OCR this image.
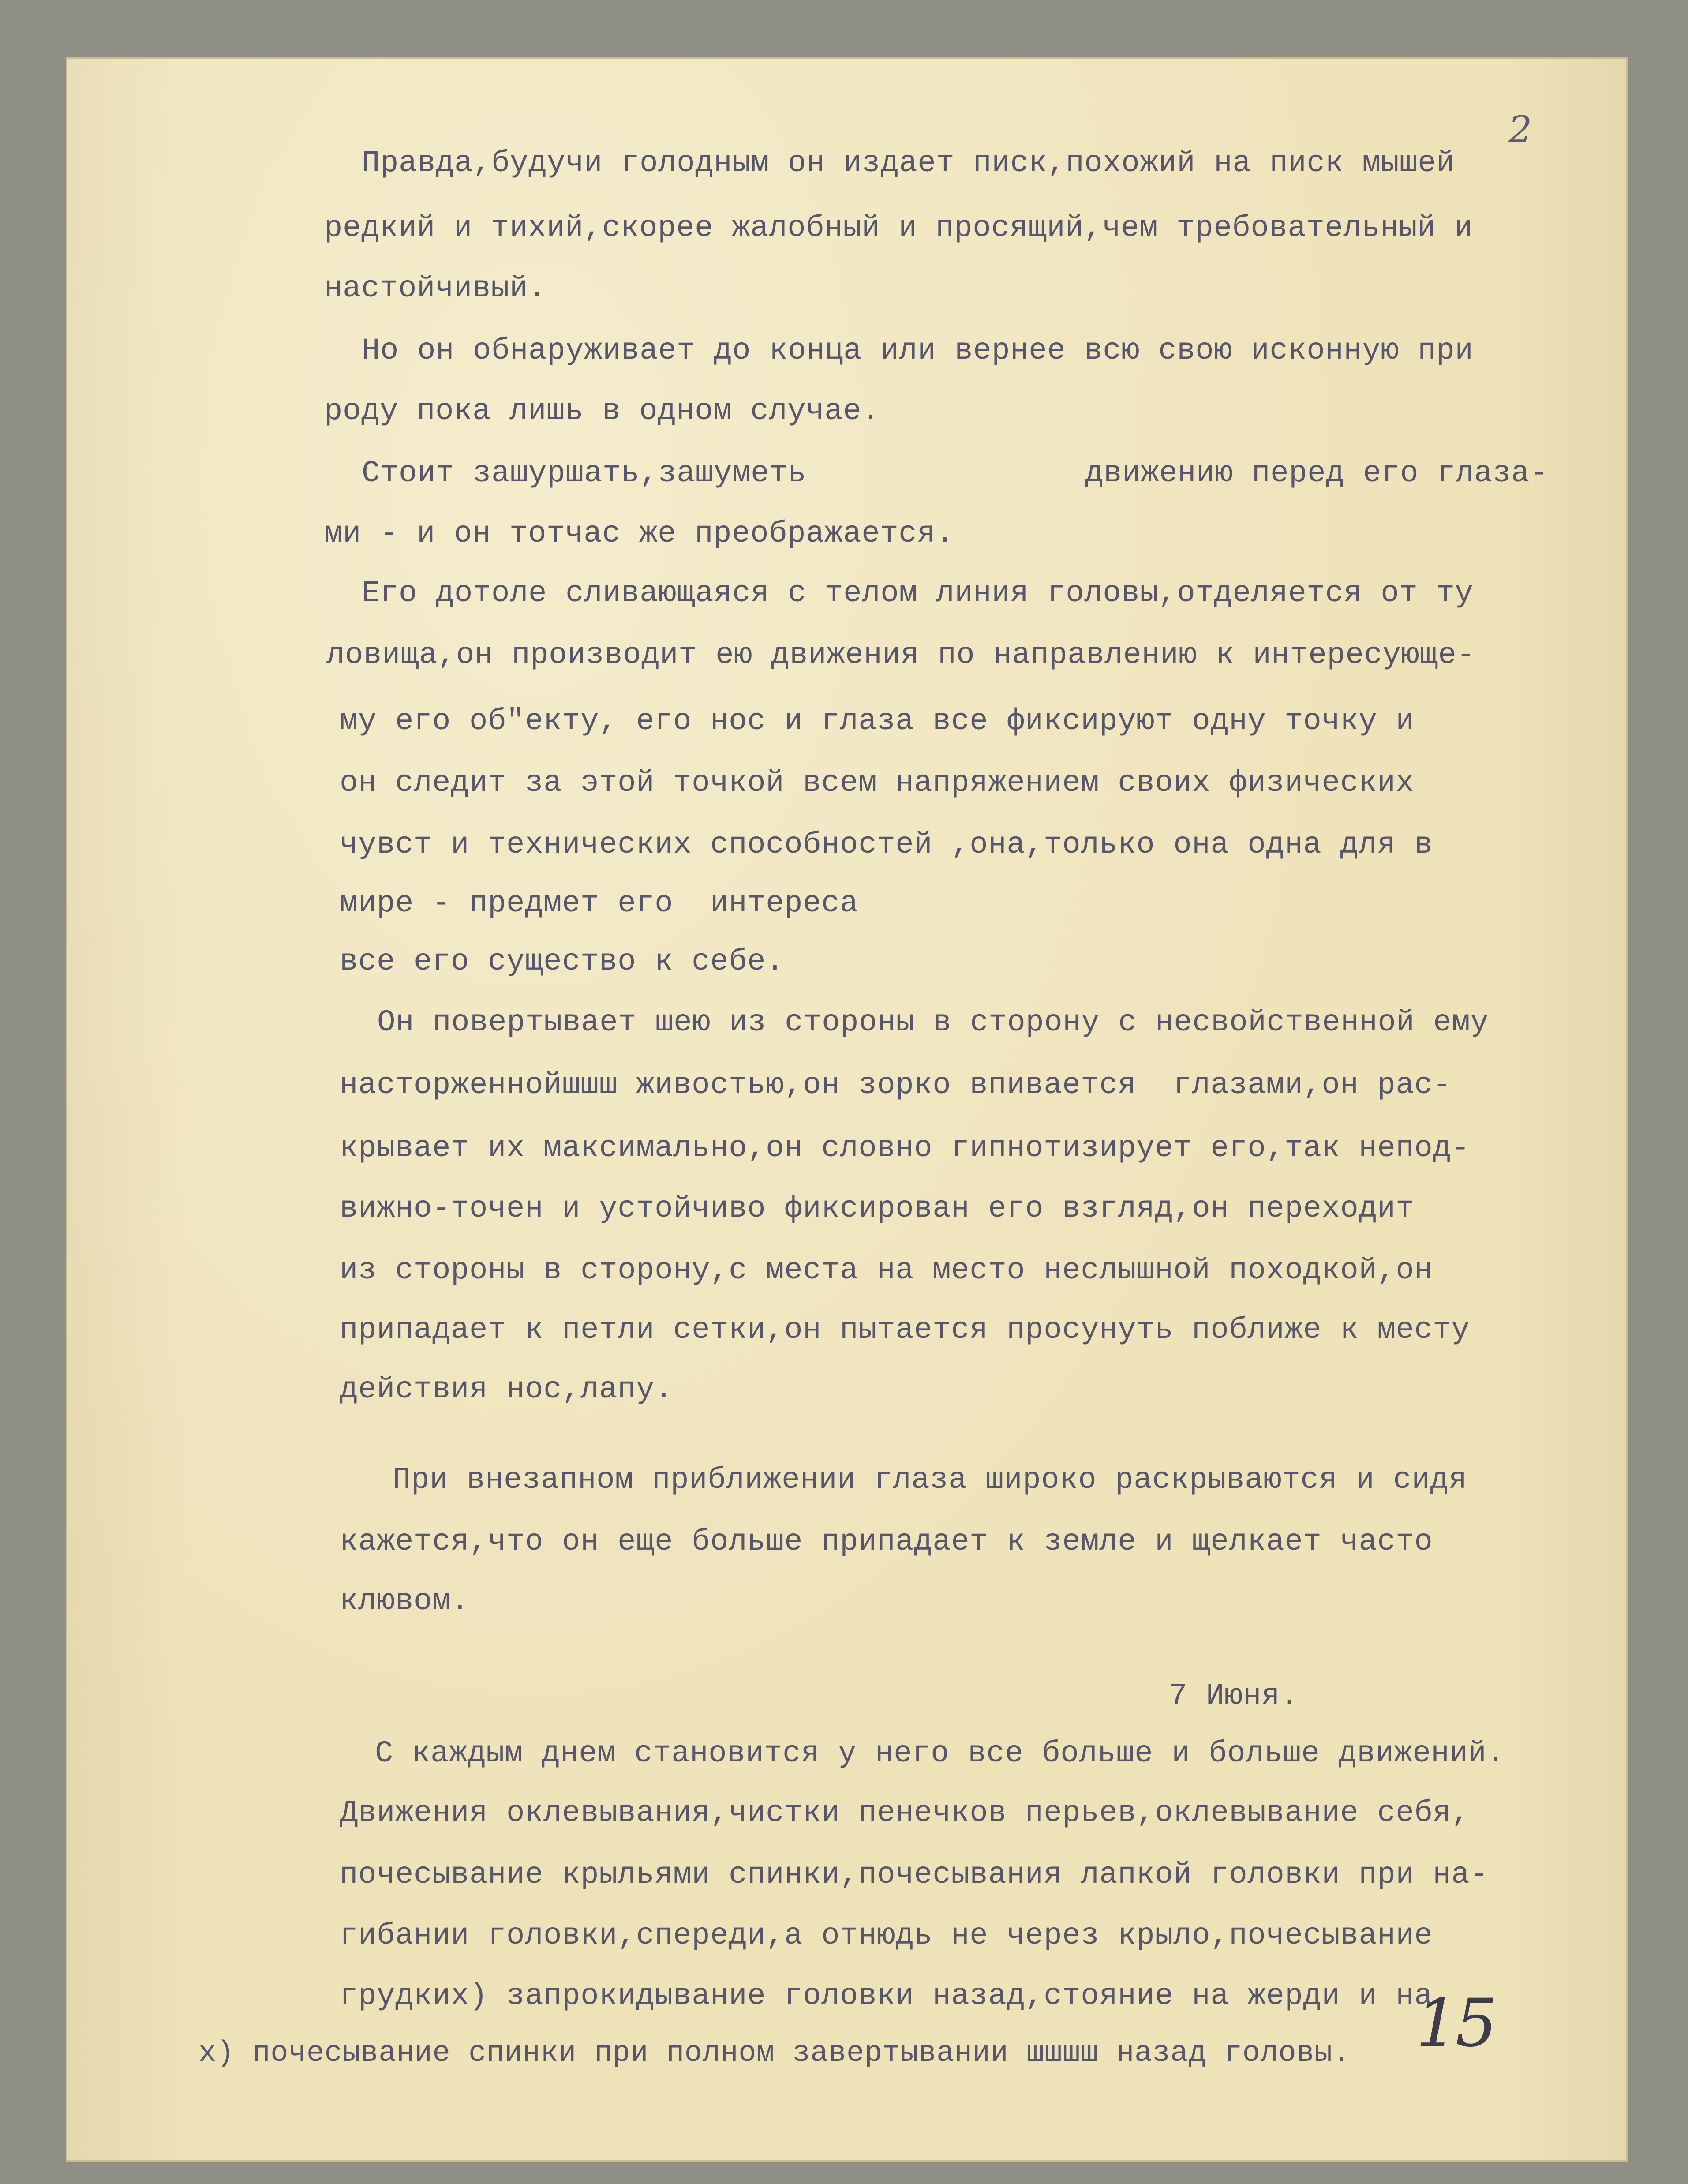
2
Правда,будучи голодным он издает писк,похожий на писк мышей
редкий и тихий,скорее жалобный и просящий,чем требовательный и
настойчивый.
Но он обнаруживает до конца или вернее всю свою исконную при
роду пока лишь в одном случае.
Стоит зашуршать,зашуметь	движению перед его глаза-
ми - и он тотчас же преображается.
Его дотоле сливающаяся с телом линия головы,отделяется от ту
ловища,он производит ею движения по направлению к интересующе-
му его об"екту, его нос и глаза все фиксируют одну точку и
он следит за этой точкой всем напряжением своих физических
чувст и технических способностей ,она,только она одна для в
мире - предмет его  интереса
все его существо к себе.
Он повертывает шею из стороны в сторону с несвойственной ему
насторженнойшшш живостью,он зорко впивается  глазами,он рас-
крывает их максимально,он словно гипнотизирует его,так непод-
вижно-точен и устойчиво фиксирован его взгляд,он переходит
из стороны в сторону,с места на место неслышной походкой,он
припадает к петли сетки,он пытается просунуть поближе к месту
действия нос,лапу.
При внезапном приближении глаза широко раскрываются и сидя
кажется,что он еще больше припадает к земле и щелкает часто
клювом.
7 Июня.
С каждым днем становится у него все больше и больше движений.
Движения оклевывания,чистки пенечков перьев,оклевывание себя,
почесывание крыльями спинки,почесывания лапкой головки при на-
гибании головки,спереди,а отнюдь не через крыло,почесывание
грудких) запрокидывание головки назад,стояние на жерди и на
х) почесывание спинки при полном завертывании шшшш назад головы. 15
